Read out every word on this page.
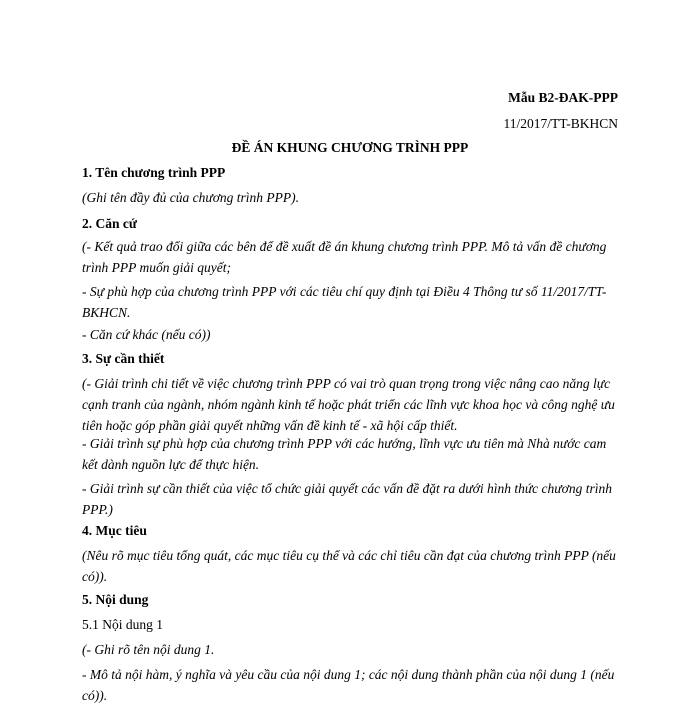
Mẫu B2-ĐAK-PPP
11/2017/TT-BKHCN
ĐỀ ÁN KHUNG CHƯƠNG TRÌNH PPP
1. Tên chương trình PPP
(Ghi tên đầy đủ của chương trình PPP).
2. Căn cứ
(- Kết quả trao đổi giữa các bên để đề xuất đề án khung chương trình PPP. Mô tả vấn đề chương trình PPP muốn giải quyết;
- Sự phù hợp của chương trình PPP với các tiêu chí quy định tại Điều 4 Thông tư số 11/2017/TT-BKHCN.
- Căn cứ khác (nếu có))
3. Sự cần thiết
(- Giải trình chi tiết về việc chương trình PPP có vai trò quan trọng trong việc nâng cao năng lực cạnh tranh của ngành, nhóm ngành kinh tế hoặc phát triển các lĩnh vực khoa học và công nghệ ưu tiên hoặc góp phần giải quyết những vấn đề kinh tế - xã hội cấp thiết.
- Giải trình sự phù hợp của chương trình PPP với các hướng, lĩnh vực ưu tiên mà Nhà nước cam kết dành nguồn lực để thực hiện.
- Giải trình sự cần thiết của việc tổ chức giải quyết các vấn đề đặt ra dưới hình thức chương trình PPP.)
4. Mục tiêu
(Nêu rõ mục tiêu tổng quát, các mục tiêu cụ thể và các chỉ tiêu cần đạt của chương trình PPP (nếu có)).
5. Nội dung
5.1 Nội dung 1
(- Ghi rõ tên nội dung 1.
- Mô tả nội hàm, ý nghĩa và yêu cầu của nội dung 1; các nội dung thành phần của nội dung 1 (nếu có)).
